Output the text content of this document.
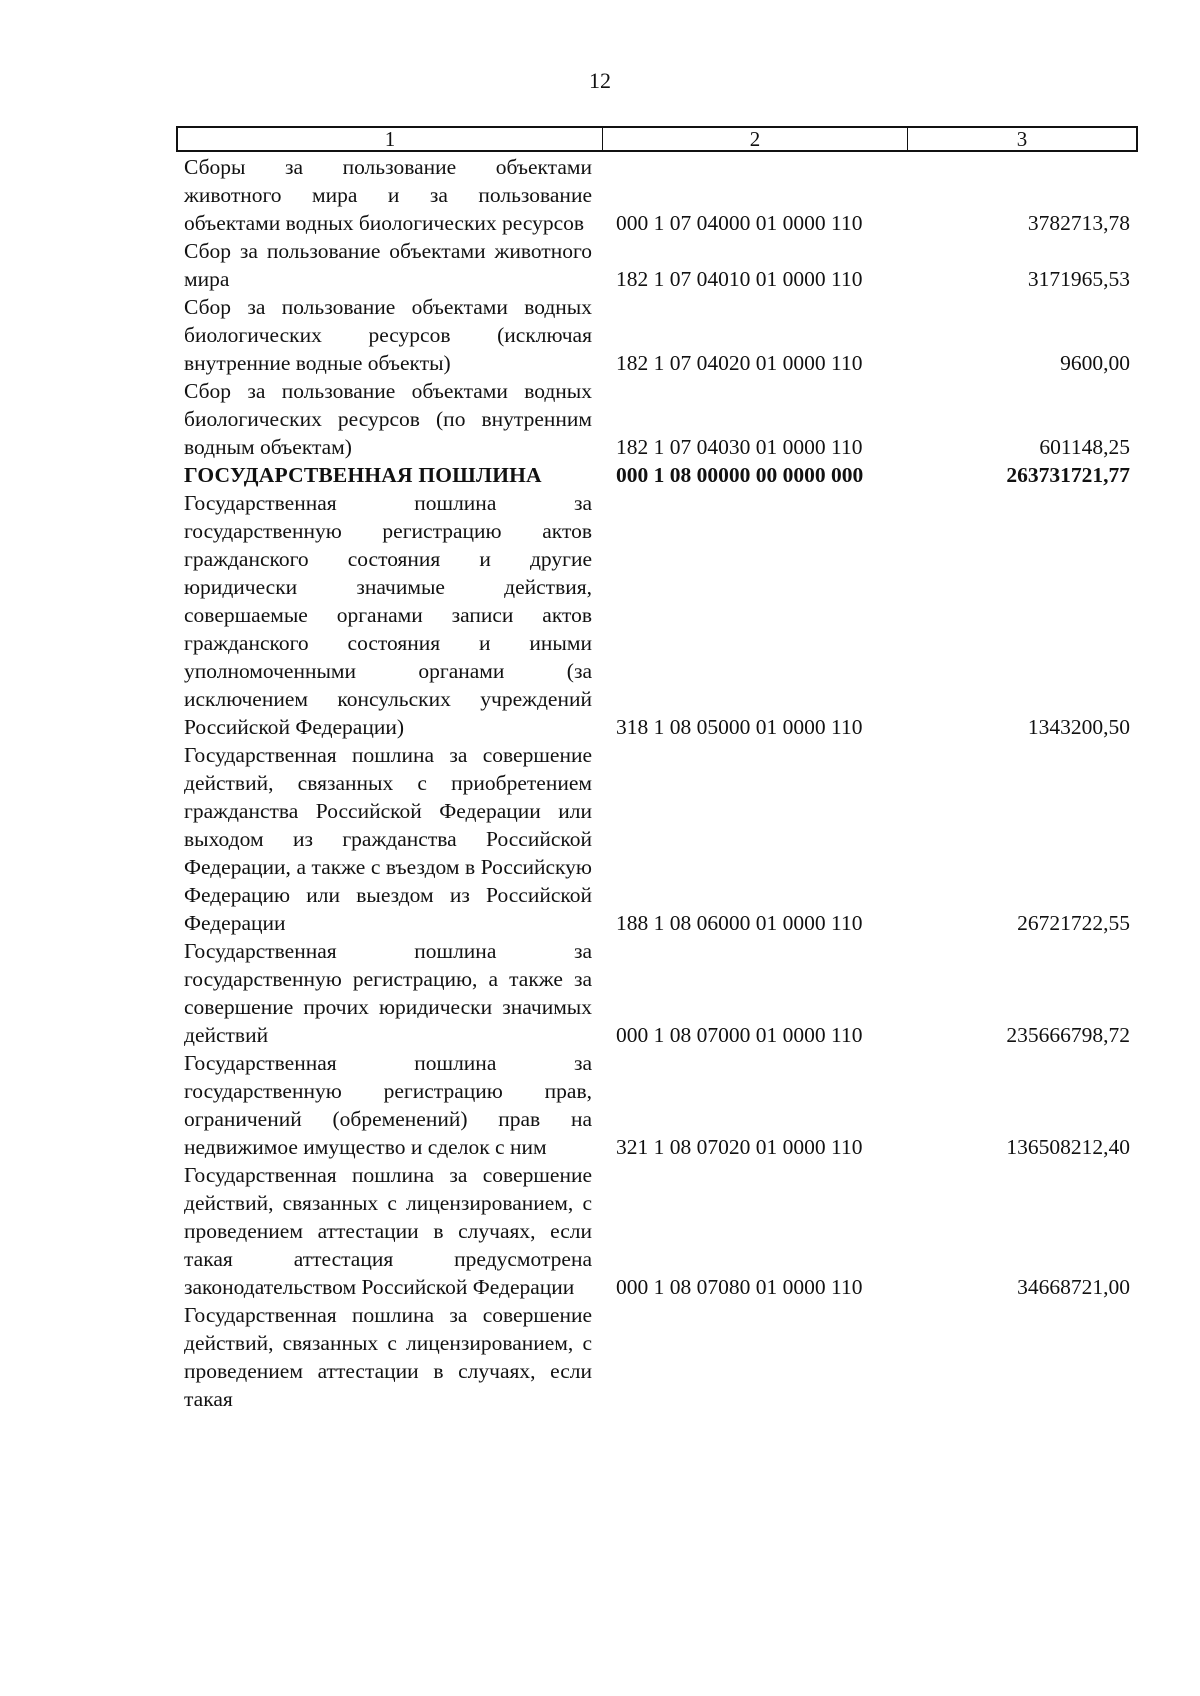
12
1	2	3
Сборы за пользование объектами животного мира и за пользование объектами водных биологических ресурсов	000 1 07 04000 01 0000 110	3782713,78
Сбор за пользование объектами животного мира	182 1 07 04010 01 0000 110	3171965,53
Сбор за пользование объектами водных биологических ресурсов (исключая внутренние водные объекты)	182 1 07 04020 01 0000 110	9600,00
Сбор за пользование объектами водных биологических ресурсов (по внутренним водным объектам)	182 1 07 04030 01 0000 110	601148,25
ГОСУДАРСТВЕННАЯ ПОШЛИНА	000 1 08 00000 00 0000 000	263731721,77
Государственная пошлина за государственную регистрацию актов гражданского состояния и другие юридически значимые действия, совершаемые органами записи актов гражданского состояния и иными уполномоченными органами (за исключением консульских учреждений Российской Федерации)	318 1 08 05000 01 0000 110	1343200,50
Государственная пошлина за совершение действий, связанных с приобретением гражданства Российской Федерации или выходом из гражданства Российской Федерации, а также с въездом в Российскую Федерацию или выездом из Российской Федерации	188 1 08 06000 01 0000 110	26721722,55
Государственная пошлина за государственную регистрацию, а также за совершение прочих юридически значимых действий	000 1 08 07000 01 0000 110	235666798,72
Государственная пошлина за государственную регистрацию прав, ограничений (обременений) прав на недвижимое имущество и сделок с ним	321 1 08 07020 01 0000 110	136508212,40
Государственная пошлина за совершение действий, связанных с лицензированием, с проведением аттестации в случаях, если такая аттестация предусмотрена законодательством Российской Федерации	000 1 08 07080 01 0000 110	34668721,00
Государственная пошлина за совершение действий, связанных с лицензированием, с проведением аттестации в случаях, если такая
